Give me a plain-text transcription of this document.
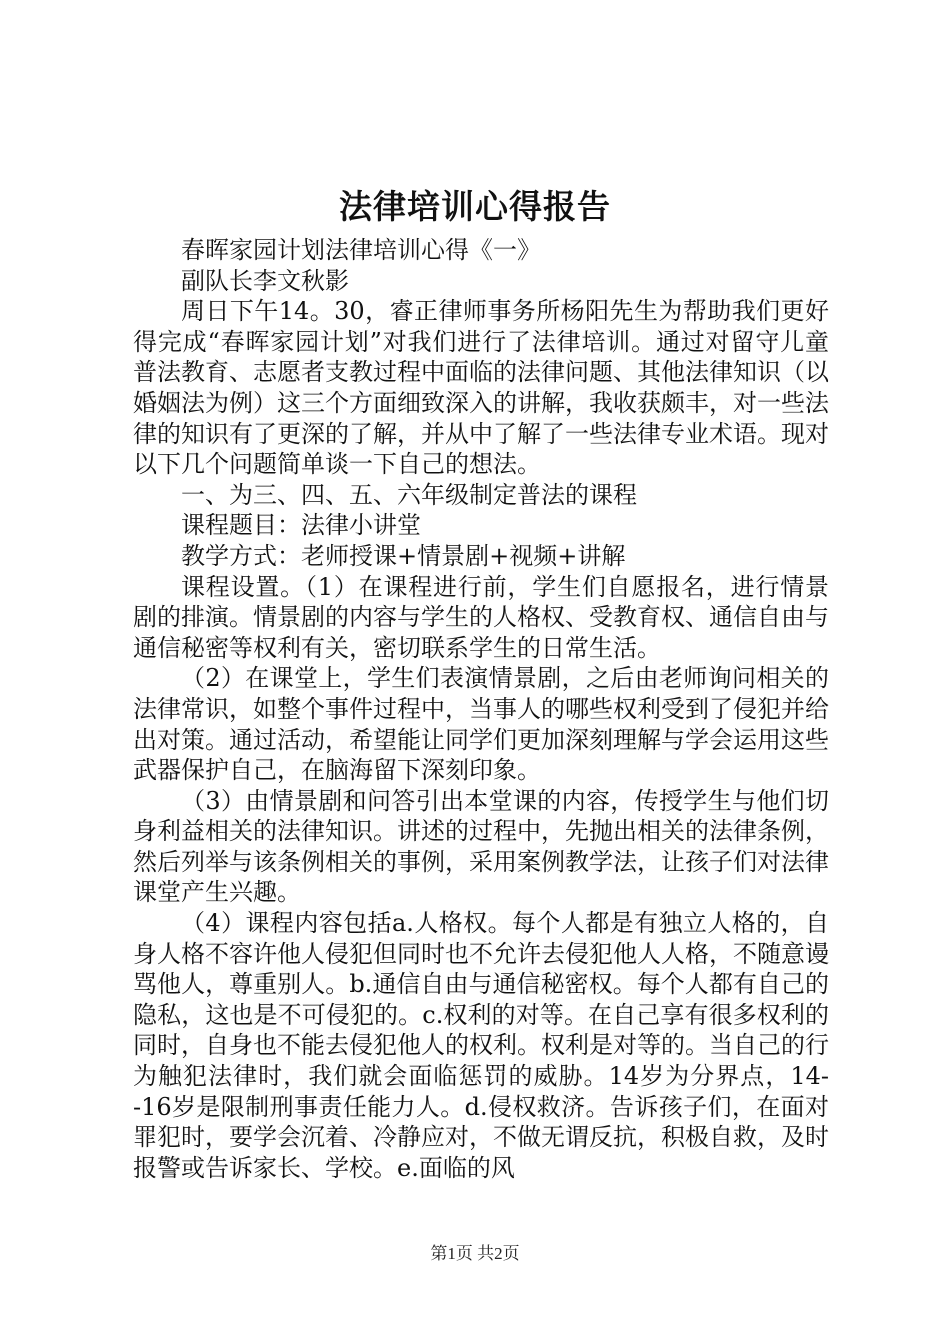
法律培训心得报告

春晖家园计划法律培训心得《一》

副队长李文秋影

周日下午14。30，睿正律师事务所杨阳先生为帮助我们更好得完成“春晖家园计划”对我们进行了法律培训。通过对留守儿童普法教育、志愿者支教过程中面临的法律问题、其他法律知识（以婚姻法为例）这三个方面细致深入的讲解，我收获颇丰，对一些法律的知识有了更深的了解，并从中了解了一些法律专业术语。现对以下几个问题简单谈一下自己的想法。

一、为三、四、五、六年级制定普法的课程

课程题目：法律小讲堂

教学方式：老师授课+情景剧+视频+讲解

课程设置。（1）在课程进行前，学生们自愿报名，进行情景剧的排演。情景剧的内容与学生的人格权、受教育权、通信自由与通信秘密等权利有关，密切联系学生的日常生活。

（2）在课堂上，学生们表演情景剧，之后由老师询问相关的法律常识，如整个事件过程中，当事人的哪些权利受到了侵犯并给出对策。通过活动，希望能让同学们更加深刻理解与学会运用这些武器保护自己，在脑海留下深刻印象。

（3）由情景剧和问答引出本堂课的内容，传授学生与他们切身利益相关的法律知识。讲述的过程中，先抛出相关的法律条例，然后列举与该条例相关的事例，采用案例教学法，让孩子们对法律课堂产生兴趣。

（4）课程内容包括a.人格权。每个人都是有独立人格的，自身人格不容许他人侵犯但同时也不允许去侵犯他人人格，不随意谩骂他人，尊重别人。b.通信自由与通信秘密权。每个人都有自己的隐私，这也是不可侵犯的。c.权利的对等。在自己享有很多权利的同时，自身也不能去侵犯他人的权利。权利是对等的。当自己的行为触犯法律时，我们就会面临惩罚的威胁。14岁为分界点，14--16岁是限制刑事责任能力人。d.侵权救济。告诉孩子们，在面对罪犯时，要学会沉着、冷静应对，不做无谓反抗，积极自救，及时报警或告诉家长、学校。e.面临的风

第1页 共2页
